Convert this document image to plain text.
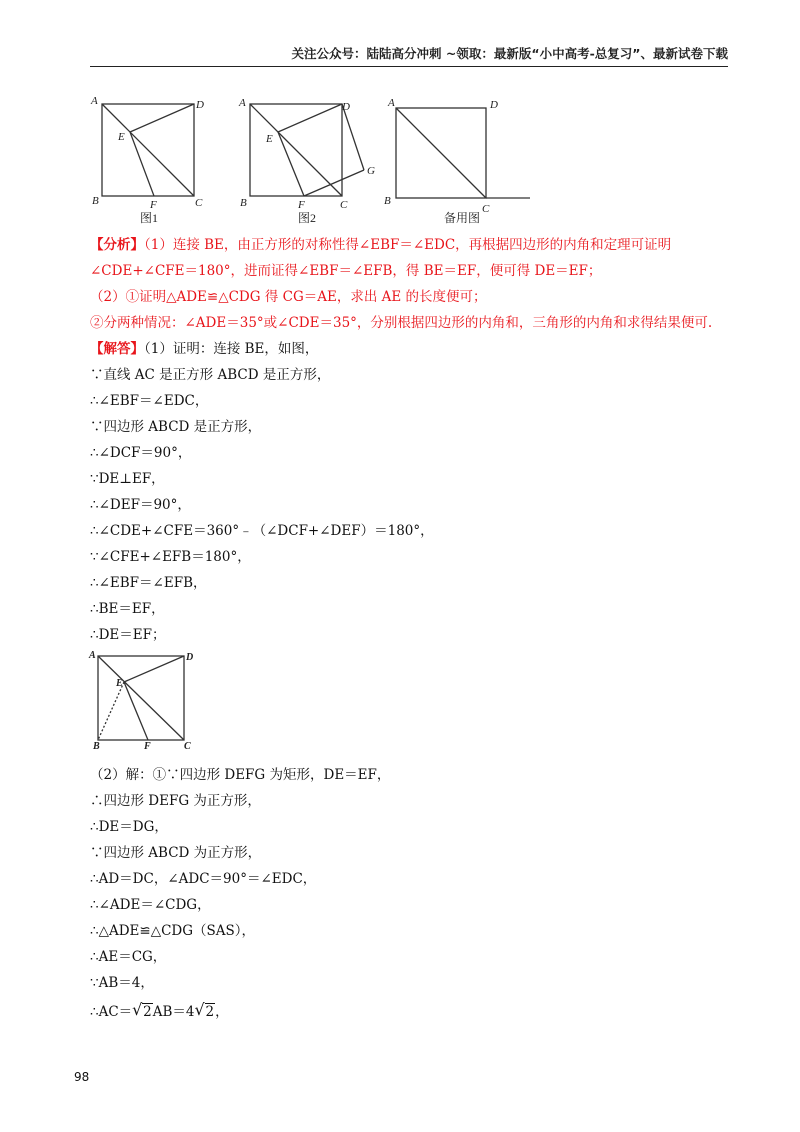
关注公众号：陆陆高分冲刺 ~领取：最新版“小中高考-总复习”、最新试卷下载
A	D
E
B	F	C
图1
A	D
E
G
B	F	C
图2
A	D
B
C
备用图
【分析】（1）连接 BE，由正方形的对称性得∠EBF＝∠EDC，再根据四边形的内角和定理可证明
∠CDE+∠CFE＝180°，进而证得∠EBF＝∠EFB，得 BE＝EF，便可得 DE＝EF；
（2）①证明△ADE≌△CDG 得 CG＝AE，求出 AE 的长度便可；
②分两种情况：∠ADE＝35°或∠CDE＝35°，分别根据四边形的内角和，三角形的内角和求得结果便可.
【解答】（1）证明：连接 BE，如图，
∵直线 AC 是正方形 ABCD 是正方形，
∴∠EBF＝∠EDC，
∵四边形 ABCD 是正方形，
∴∠DCF＝90°，
∵DE⊥EF，
∴∠DEF＝90°，
∴∠CDE+∠CFE＝360°﹣（∠DCF+∠DEF）＝180°，
∵∠CFE+∠EFB＝180°，
∴∠EBF＝∠EFB，
∴BE＝EF，
∴DE＝EF；
A	D
E
B	F	C
（2）解：①∵四边形 DEFG 为矩形，DE＝EF，
∴四边形 DEFG 为正方形，
∴DE＝DG，
∵四边形 ABCD 为正方形，
∴AD＝DC，∠ADC＝90°＝∠EDC，
∴∠ADE＝∠CDG，
∴△ADE≌△CDG（SAS），
∴AE＝CG，
∵AB＝4，
∴AC＝ √ 2AB＝4 √ 2，
98
